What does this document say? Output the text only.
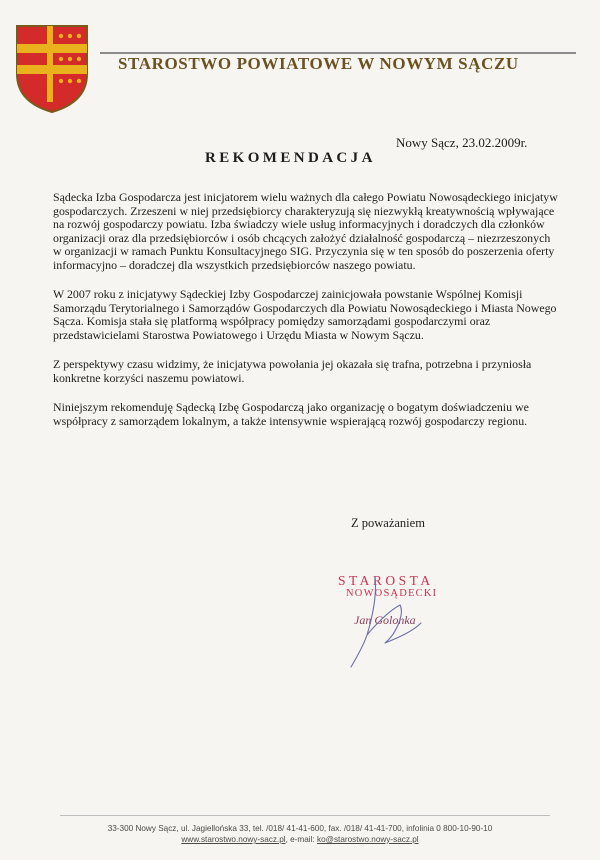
STAROSTWO POWIATOWE W NOWYM SĄCZU
Nowy Sącz, 23.02.2009r.
REKOMENDACJA

Sądecka Izba Gospodarcza jest inicjatorem wielu ważnych dla całego Powiatu Nowosądeckiego inicjatyw gospodarczych. Zrzeszeni w niej przedsiębiorcy charakteryzują się niezwykłą kreatywnością wpływające na rozwój gospodarczy powiatu. Izba świadczy wiele usług informacyjnych i doradczych dla członków organizacji oraz dla przedsiębiorców i osób chcących założyć działalność gospodarczą – niezrzeszonych w organizacji w ramach Punktu Konsultacyjnego SIG. Przyczynia się w ten sposób do poszerzenia oferty informacyjno – doradczej dla wszystkich przedsiębiorców naszego powiatu.

W 2007 roku z inicjatywy Sądeckiej Izby Gospodarczej zainicjowała powstanie Wspólnej Komisji Samorządu Terytorialnego i Samorządów Gospodarczych dla Powiatu Nowosądeckiego i Miasta Nowego Sącza. Komisja stała się platformą współpracy pomiędzy samorządami gospodarczymi oraz przedstawicielami Starostwa Powiatowego i Urzędu Miasta w Nowym Sączu.

Z perspektywy czasu widzimy, że inicjatywa powołania jej okazała się trafna, potrzebna i przyniosła konkretne korzyści naszemu powiatowi.

Niniejszym rekomenduję Sądecką Izbę Gospodarczą jako organizację o bogatym doświadczeniu we współpracy z samorządem lokalnym, a także intensywnie wspierającą rozwój gospodarczy regionu.

Z poważaniem
STAROSTA
NOWOSĄDECKI
Jan Golonka
33-300 Nowy Sącz, ul. Jagiellońska 33, tel. /018/ 41-41-600, fax. /018/ 41-41-700, infolinia 0 800-10-90-10
www.starostwo.nowy-sacz.pl, e-mail: ko@starostwo.nowy-sacz.pl
